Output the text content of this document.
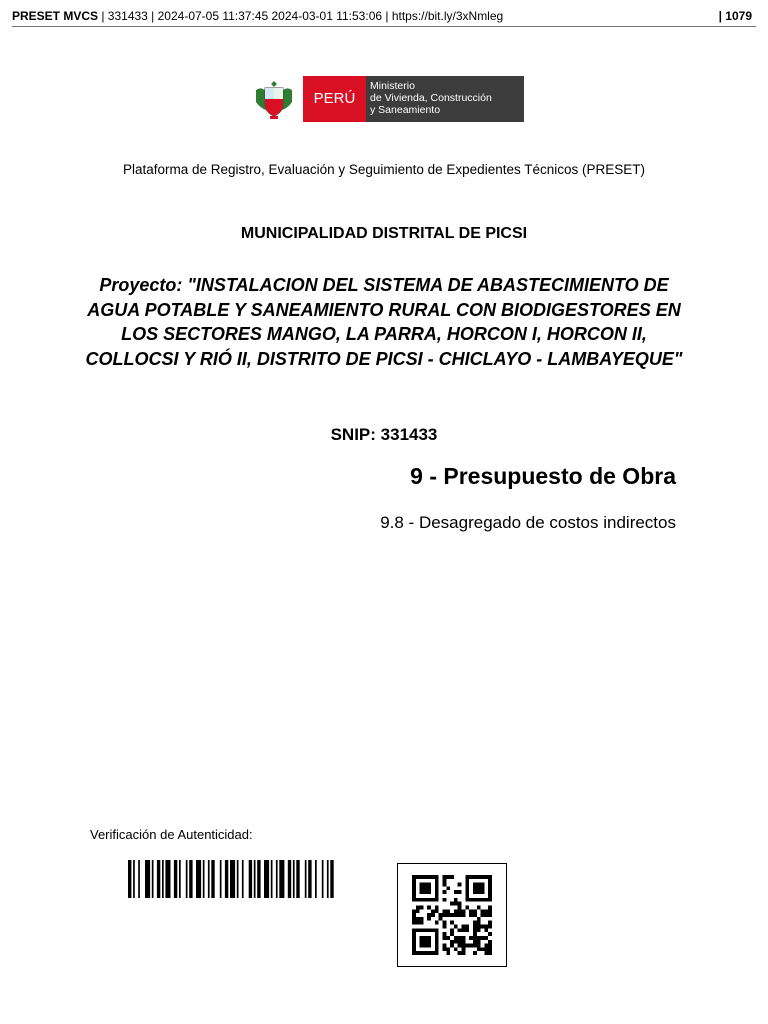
PRESET MVCS | 331433 | 2024-07-05 11:37:45 2024-03-01 11:53:06 | https://bit.ly/3xNmleg	| 1079
PERÚ
Ministerio
de Vivienda, Construcción
y Saneamiento
Plataforma de Registro, Evaluación y Seguimiento de Expedientes Técnicos (PRESET)
MUNICIPALIDAD DISTRITAL DE PICSI
Proyecto: "INSTALACION DEL SISTEMA DE ABASTECIMIENTO DE AGUA POTABLE Y SANEAMIENTO RURAL CON BIODIGESTORES EN LOS SECTORES MANGO, LA PARRA, HORCON I, HORCON II, COLLOCSI Y RIÓ II, DISTRITO DE PICSI - CHICLAYO - LAMBAYEQUE"
SNIP: 331433
9 - Presupuesto de Obra
9.8 - Desagregado de costos indirectos
Verificación de Autenticidad:
